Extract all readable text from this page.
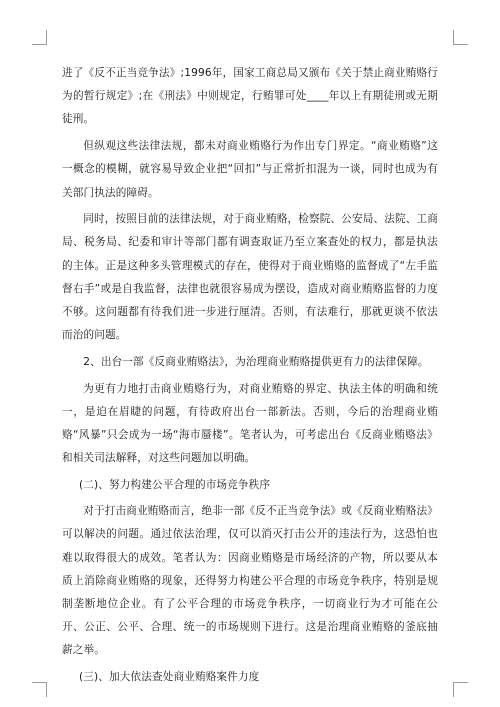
进了《反不正当竞争法》;1996年，国家工商总局又颁布《关于禁止商业贿赂行为的暂行规定》;在《刑法》中则规定，行贿罪可处____年以上有期徒刑或无期徒刑。

但纵观这些法律法规，都未对商业贿赂行为作出专门界定。“商业贿赂”这一概念的模糊，就容易导致企业把“回扣”与正常折扣混为一谈，同时也成为有关部门执法的障碍。

同时，按照目前的法律法规，对于商业贿赂，检察院、公安局、法院、工商局、税务局、纪委和审计等部门都有调查取证乃至立案查处的权力，都是执法的主体。正是这种多头管理模式的存在，使得对于商业贿赂的监督成了“左手监督右手”或是自我监督，法律也就很容易成为摆设，造成对商业贿赂监督的力度不够。这问题都有待我们进一步进行厘清。否则，有法难行，那就更谈不依法而治的问题。

2、出台一部《反商业贿赂法》，为治理商业贿赂提供更有力的法律保障。

为更有力地打击商业贿赂行为，对商业贿赂的界定、执法主体的明确和统一，是迫在眉睫的问题，有待政府出台一部新法。否则，今后的治理商业贿赂“风暴”只会成为一场“海市蜃楼”。笔者认为，可考虑出台《反商业贿赂法》和相关司法解释，对这些问题加以明确。

(二)、努力构建公平合理的市场竞争秩序

对于打击商业贿赂而言，绝非一部《反不正当竞争法》或《反商业贿赂法》可以解决的问题。通过依法治理，仅可以消灭打击公开的违法行为，这恐怕也难以取得很大的成效。笔者认为：因商业贿赂是市场经济的产物，所以要从本质上消除商业贿赂的现象，还得努力构建公平合理的市场竞争秩序，特别是规制垄断地位企业。有了公平合理的市场竞争秩序，一切商业行为才可能在公开、公正、公平、合理、统一的市场规则下进行。这是治理商业贿赂的釜底抽薪之举。

(三)、加大依法查处商业贿赂案件力度
